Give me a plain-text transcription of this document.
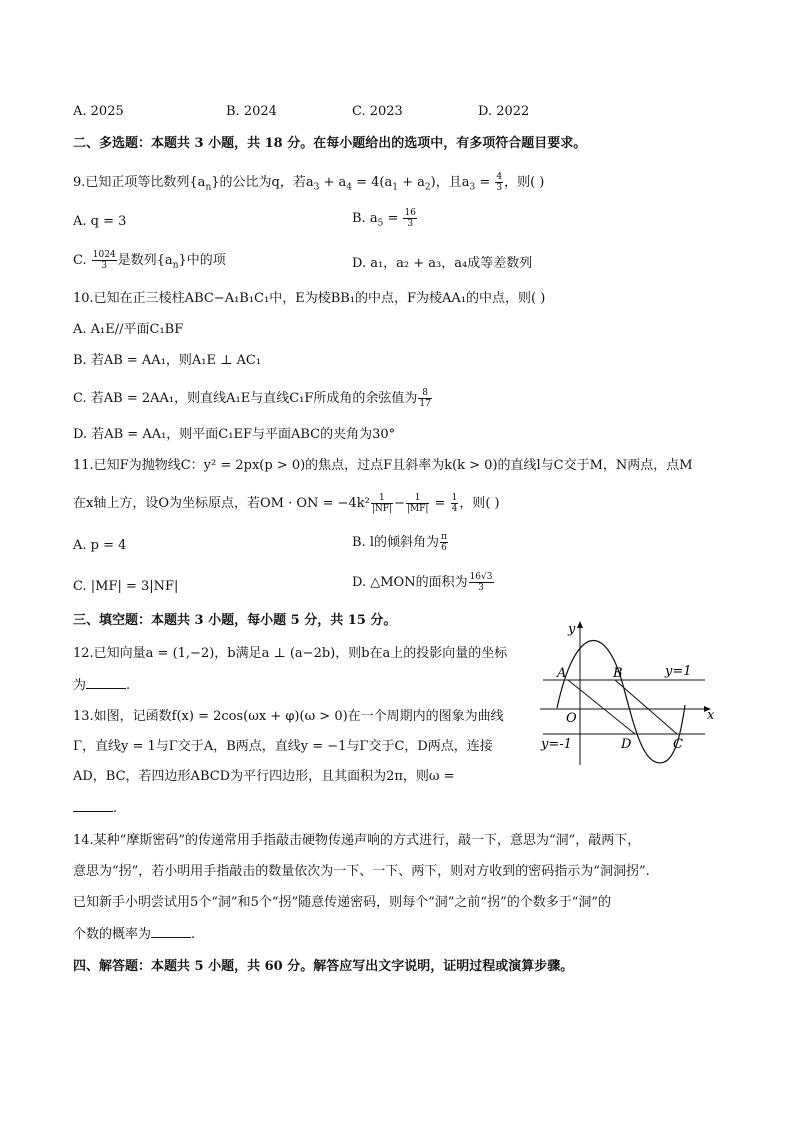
A. 2025	B. 2024	C. 2023	D. 2022
二、多选题：本题共 3 小题，共 18 分。在每小题给出的选项中，有多项符合题目要求。
9.已知正项等比数列$\{a_n\}$的公比为q，若$a_3 + a_4 = 4(a_1 + a_2)$，且$a_3 = \frac{4}{3}$ ，则( )
A. q = 3	B. $a_5 = \frac{16}{3}$
C. $\frac{1024}{3}$ 是数列$\{a_n\}$中的项	D. a₁，a₂ + a₃，a₄成等差数列
10.已知在正三棱柱ABC−A₁B₁C₁中，E为棱BB₁的中点，F为棱AA₁的中点，则( )
A. A₁E//平面C₁BF
B. 若AB = AA₁，则A₁E ⊥ AC₁
C. 若AB = 2AA₁，则直线A₁E与直线C₁F所成角的余弦值为 $\frac{8}{17}$
D. 若AB = AA₁，则平面C₁EF与平面ABC的夹角为30°
11.已知F为抛物线C：y² = 2px(p > 0)的焦点，过点F且斜率为k(k > 0)的直线l与C交于M，N两点，点M
在x轴上方，设O为坐标原点，若OM · ON = $-4k^2 \frac{1}{|NF|} - \frac{1}{|MF|} = \frac{1}{4}$ ，则( )
A. p = 4	B. l的倾斜角为 $\frac{\pi}{6}$
C. |MF| = 3|NF|	D. △MON的面积为 $\frac{16√3}{3}$
三、填空题：本题共 3 小题，每小题 5 分，共 15 分。
12.已知向量a = (1,−2)，b满足a ⊥ (a−2b)，则b在a上的投影向量的坐标
为	.
13.如图，记函数f(x) = 2cos(ωx + φ)(ω > 0)在一个周期内的图象为曲线
Γ，直线y = 1与Γ交于A，B两点，直线y = −1与Γ交于C，D两点，连接
AD，BC，若四边形ABCD为平行四边形，且其面积为2π，则ω =
.
y
x
O
A	B
C
D
y=1
y=-1
14.某种“摩斯密码”的传递常用手指敲击硬物传递声响的方式进行，敲一下，意思为“洞”，敲两下，
意思为“拐”，若小明用手指敲击的数量依次为一下、一下、两下，则对方收到的密码指示为“洞洞拐”.
已知新手小明尝试用5个“洞”和5个“拐”随意传递密码，则每个“洞”之前“拐”的个数多于“洞”的
个数的概率为	.
四、解答题：本题共 5 小题，共 60 分。解答应写出文字说明，证明过程或演算步骤。
